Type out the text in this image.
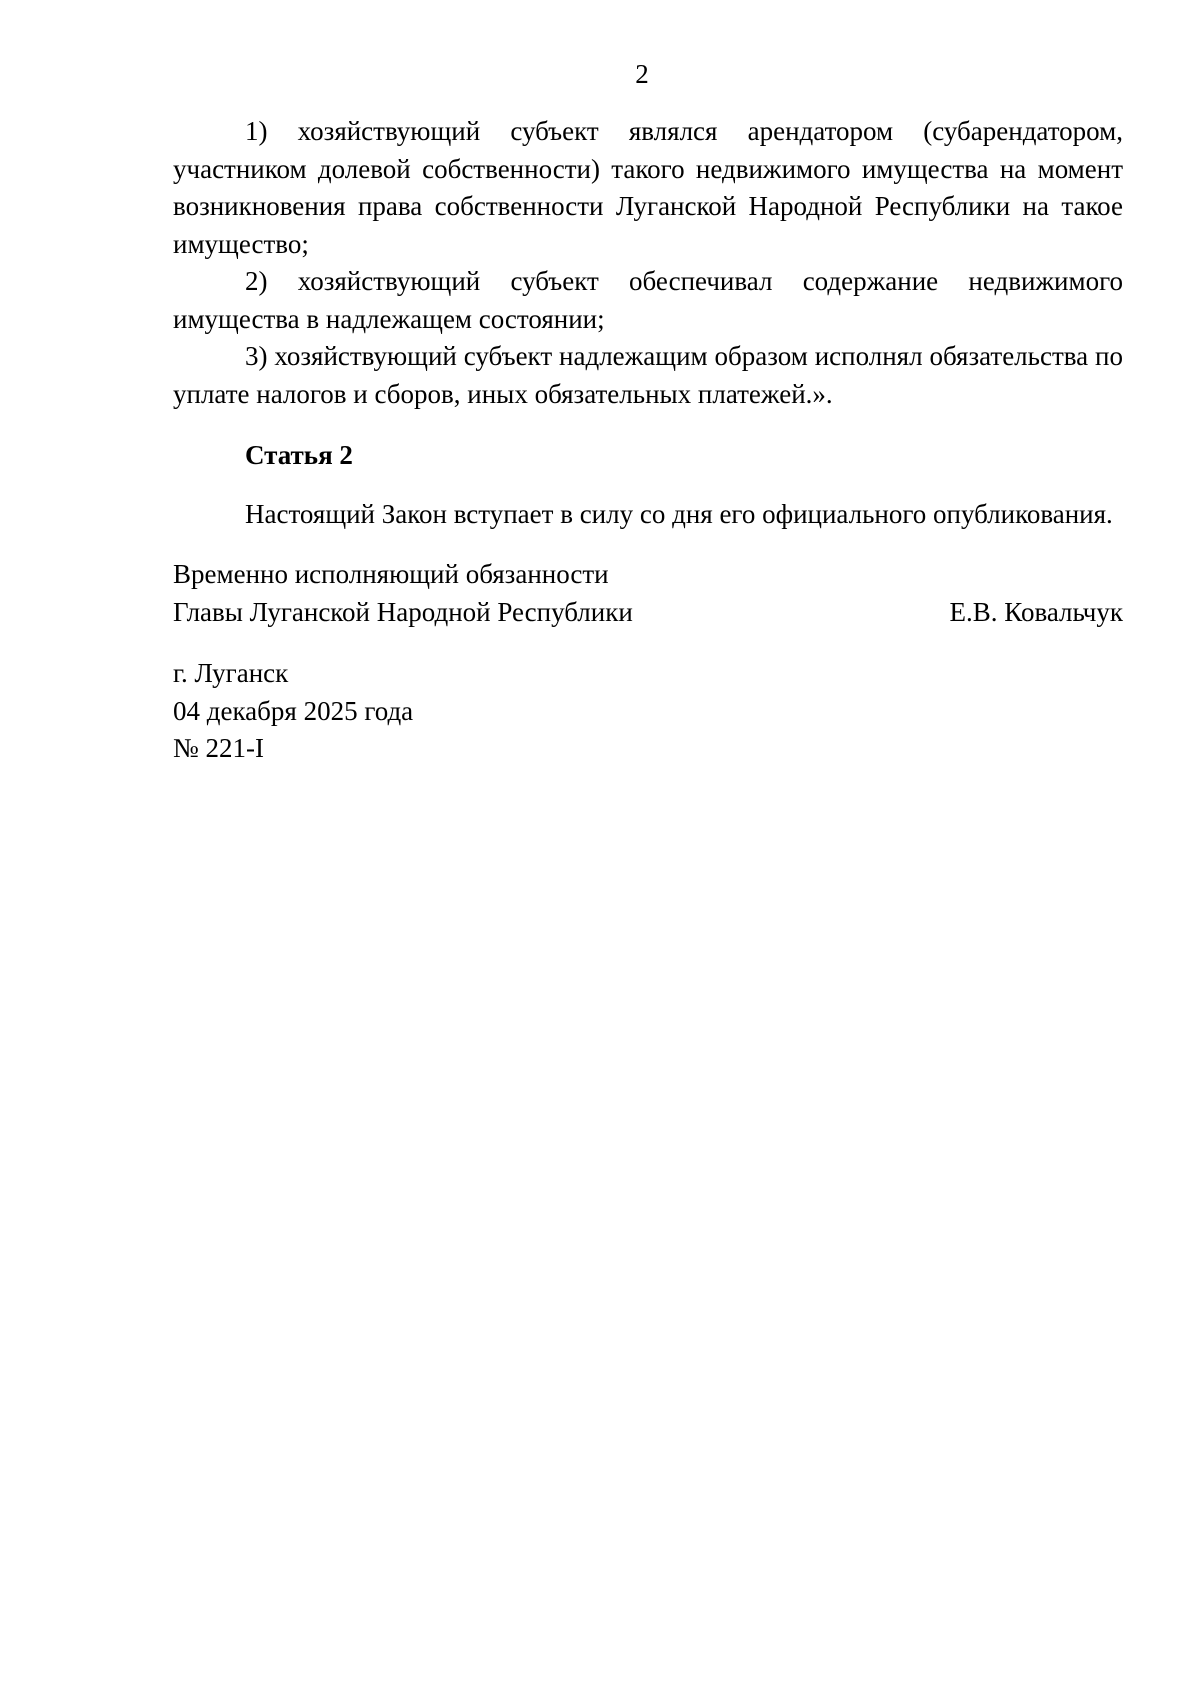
2

1) хозяйствующий субъект являлся арендатором (субарендатором, участником долевой собственности) такого недвижимого имущества на момент возникновения права собственности Луганской Народной Республики на такое имущество;

2) хозяйствующий субъект обеспечивал содержание недвижимого имущества в надлежащем состоянии;

3) хозяйствующий субъект надлежащим образом исполнял обязательства по уплате налогов и сборов, иных обязательных платежей.».

Статья 2

Настоящий Закон вступает в силу со дня его официального опубликования.

Временно исполняющий обязанности
Главы Луганской Народной Республики	Е.В. Ковальчук
г. Луганск
04 декабря 2025 года
№ 221-I
